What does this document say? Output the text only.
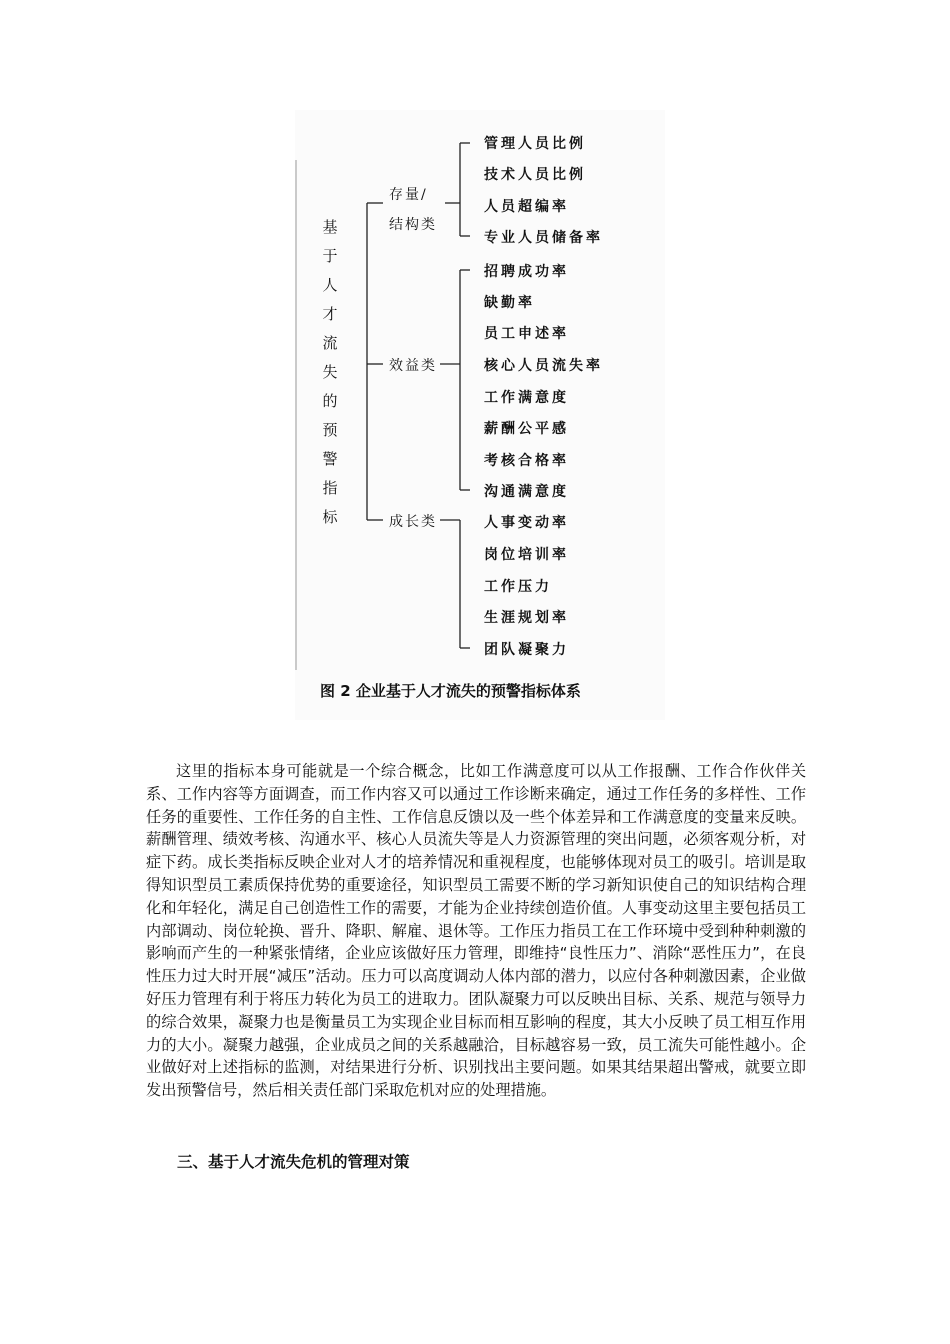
基
于
人
才
流
失
的
预
警
指
标
存量/
结构类
效益类
成长类
管理人员比例
技术人员比例
人员超编率
专业人员储备率
招聘成功率
缺勤率
员工申述率
核心人员流失率
工作满意度
薪酬公平感
考核合格率
沟通满意度
人事变动率
岗位培训率
工作压力
生涯规划率
团队凝聚力
图 2 企业基于人才流失的预警指标体系

这里的指标本身可能就是一个综合概念，比如工作满意度可以从工作报酬、工作合作伙伴关系、工作内容等方面调查，而工作内容又可以通过工作诊断来确定，通过工作任务的多样性、工作任务的重要性、工作任务的自主性、工作信息反馈以及一些个体差异和工作满意度的变量来反映。薪酬管理、绩效考核、沟通水平、核心人员流失等是人力资源管理的突出问题，必须客观分析，对症下药。成长类指标反映企业对人才的培养情况和重视程度，也能够体现对员工的吸引。培训是取得知识型员工素质保持优势的重要途径，知识型员工需要不断的学习新知识使自己的知识结构合理化和年轻化，满足自己创造性工作的需要，才能为企业持续创造价值。人事变动这里主要包括员工内部调动、岗位轮换、晋升、降职、解雇、退休等。工作压力指员工在工作环境中受到种种刺激的影响而产生的一种紧张情绪，企业应该做好压力管理，即维持“良性压力”、消除“恶性压力”，在良性压力过大时开展“减压”活动。压力可以高度调动人体内部的潜力，以应付各种刺激因素，企业做好压力管理有利于将压力转化为员工的进取力。团队凝聚力可以反映出目标、关系、规范与领导力的综合效果，凝聚力也是衡量员工为实现企业目标而相互影响的程度，其大小反映了员工相互作用力的大小。凝聚力越强，企业成员之间的关系越融洽，目标越容易一致，员工流失可能性越小。企业做好对上述指标的监测，对结果进行分析、识别找出主要问题。如果其结果超出警戒，就要立即发出预警信号，然后相关责任部门采取危机对应的处理措施。

三、基于人才流失危机的管理对策
